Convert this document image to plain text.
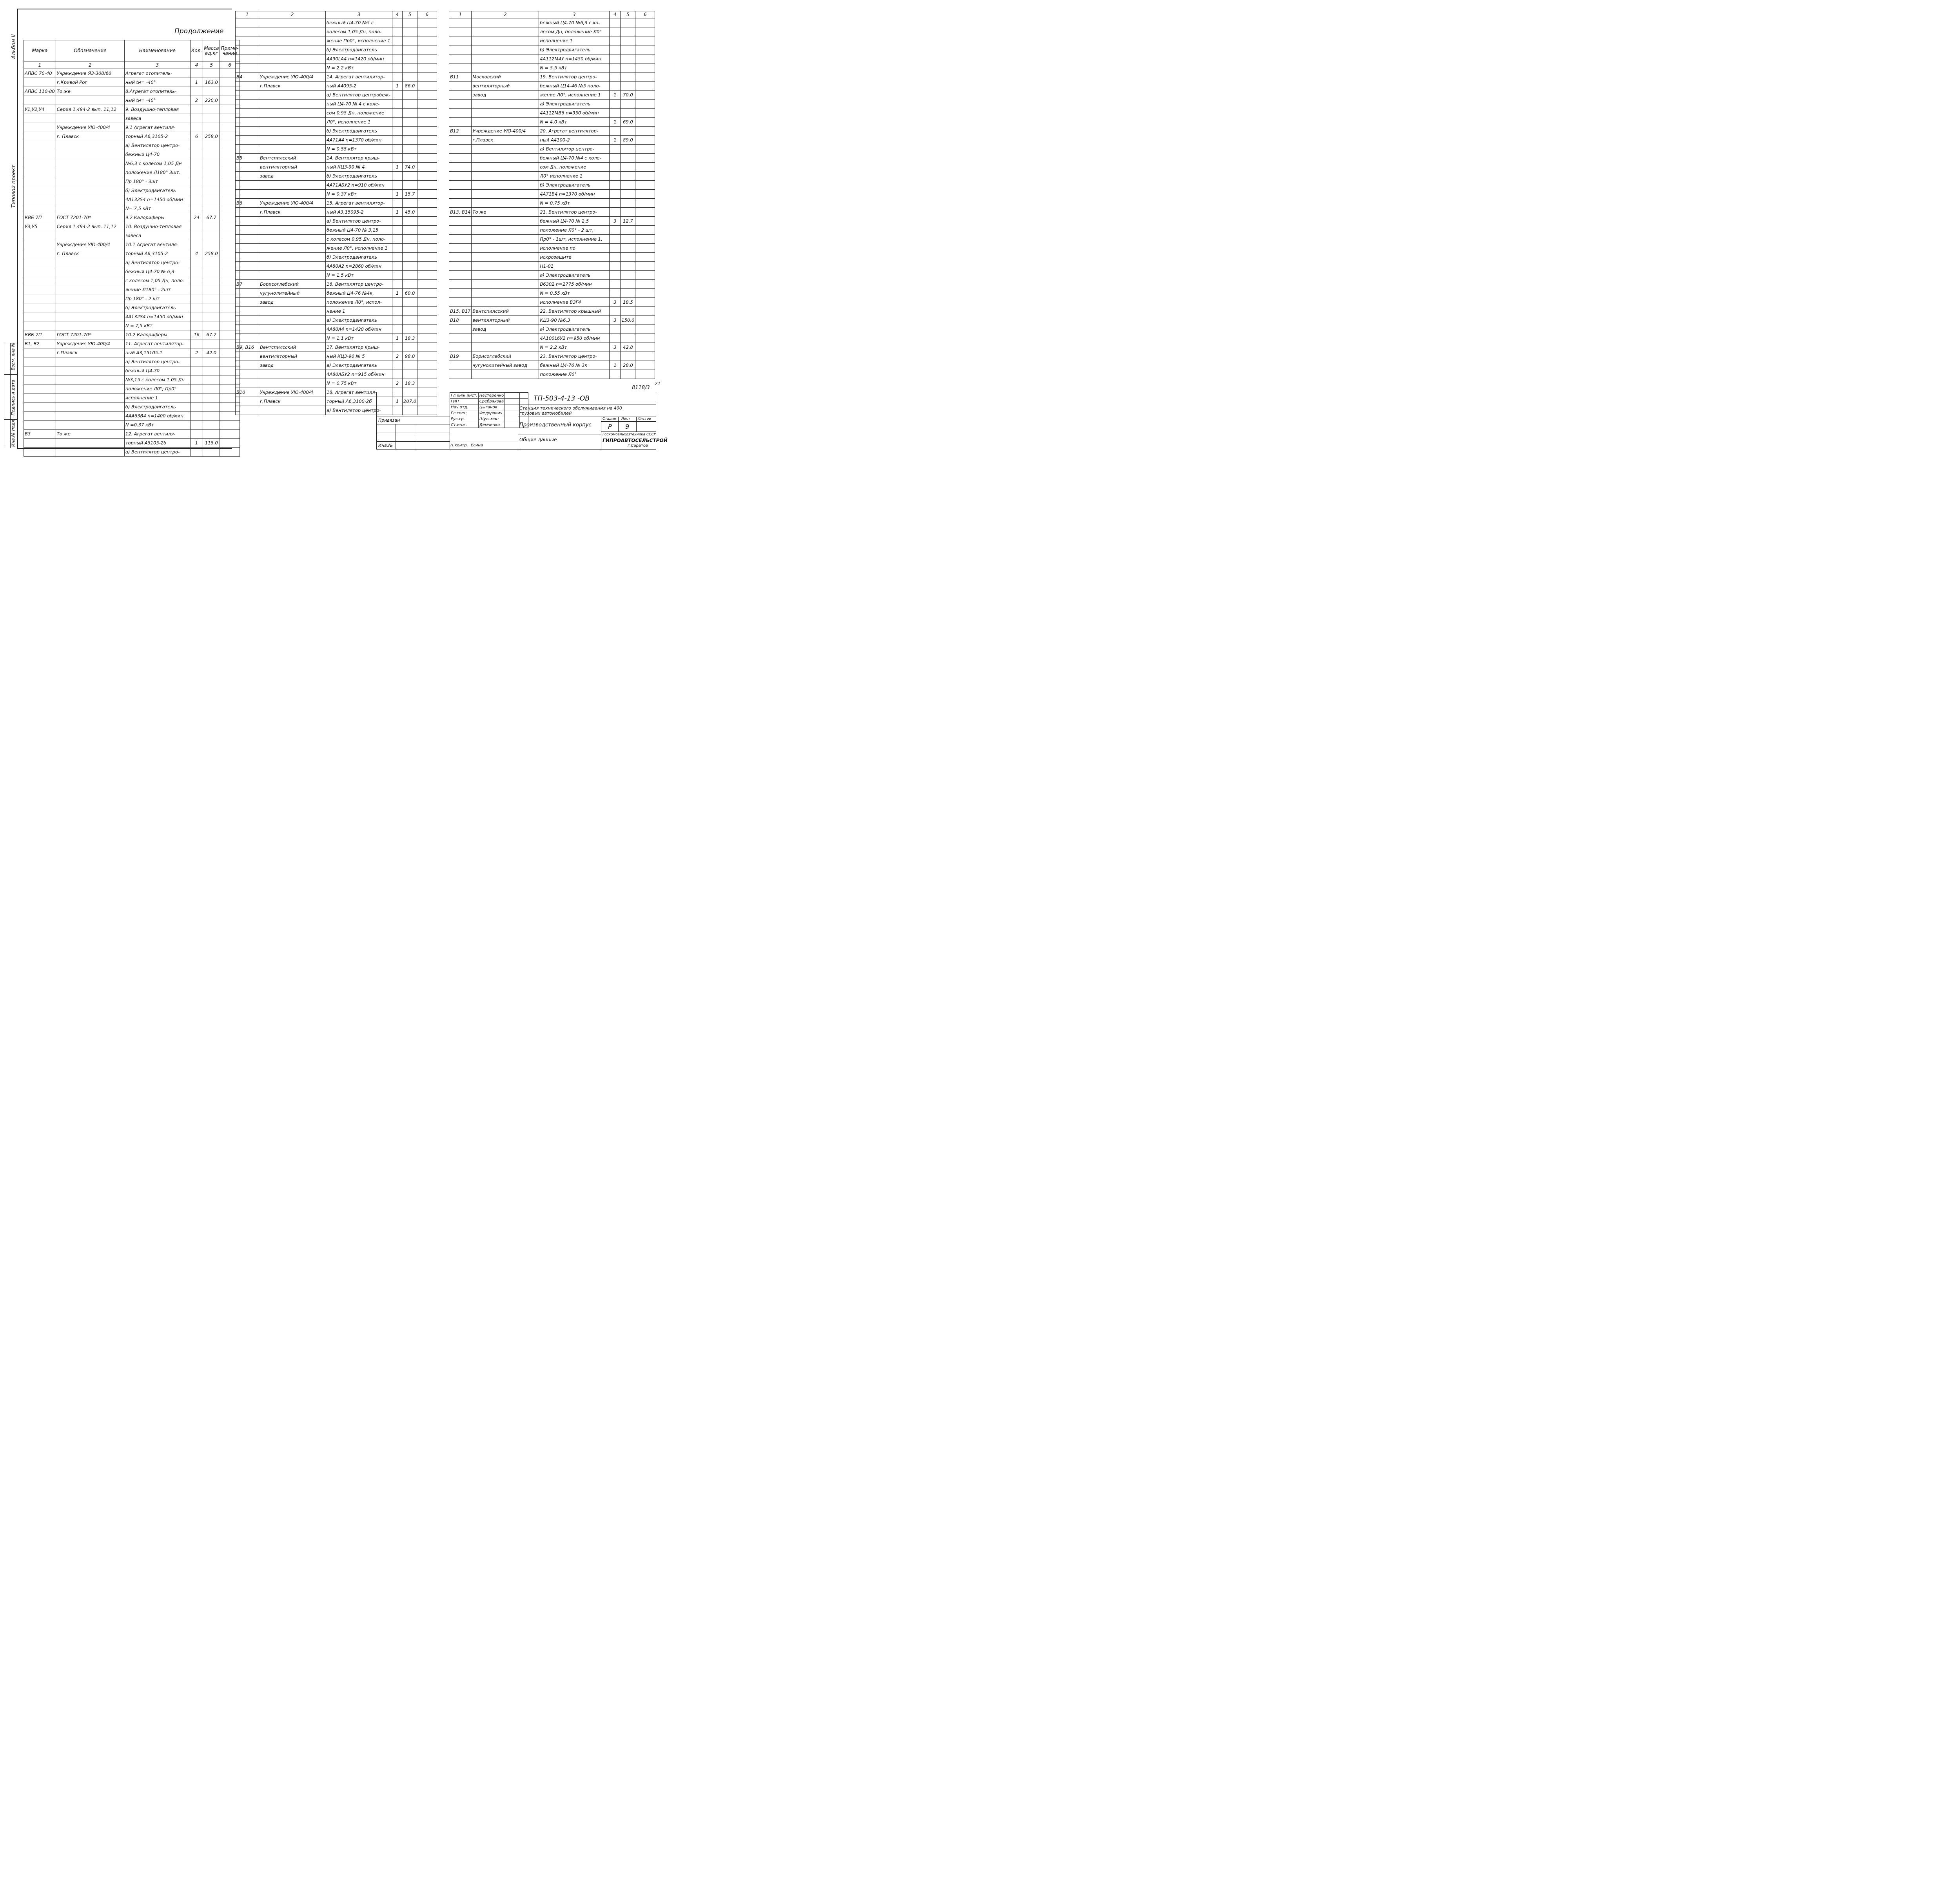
Альбом II
Типовой проект
Взам. инв №
Подпись и дата
Инв.№ подл.
Продолжение
Марка	Обозначение	Наименование	Кол.	Масса ед.кг	Приме-чание
1	2	3	4	5	6
АПВС 70-40	Учреждение ЯЗ-308/60	Агрегат отопитель-			
	г.Кривой Рог	ный tн= -40°	1	163.0	
АПВС 110-80	То же	8.Агрегат отопитель-			
		ный tн= -40°	2	220,0	
У1,У2,У4	Серия 1.494-2 вып. 11,12	9. Воздушно-тепловая			
		завеса			
	Учреждение УЮ-400/4	9.1 Агрегат вентиля-			
	г. Плавск	торный А6,3105-2	6	258,0	
		а) Вентилятор центро-			
		бежный Ц4-70			
		№6,3 с колесом 1,05 Дн			
		положение Л180° 3шт.			
		Пр 180° - 3шт			
		б) Электродвигатель			
		4А132S4 n=1450 об/мин			
		N= 7,5 кВт			
КВБ 7П	ГОСТ 7201-70*	9.2 Калориферы	24	67.7	
У3,У5	Серия 1.494-2 вып. 11,12	10. Воздушно-тепловая			
		завеса			
	Учреждение УЮ-400/4	10.1 Агрегат вентиля-			
	г. Плавск	торный А6,3105-2	4	258.0	
		а) Вентилятор центро-			
		бежный Ц4-70 № 6,3			
		с колесом 1,05 Дн, поло-			
		жение Л180° - 2шт			
		Пр 180° - 2 шт			
		б) Электродвигатель			
		4А132S4 n=1450 об/мин			
		N = 7,5 кВт			
КВБ 7П	ГОСТ 7201-70*	10.2 Калориферы	16	67.7	
В1, В2	Учреждение УЮ-400/4	11. Агрегат вентилятор-			
	г.Плавск	ный А3,15105-1	2	42.0	
		а) Вентилятор центро-			
		бежный Ц4-70			
		№3,15 с колесом 1,05 Дн			
		положение Л0°; Пр0°			
		исполнение 1			
		б) Электродвигатель			
		4АА63В4 n=1400 об/мин			
		N =0.37 кВт			
В3	То же	12. Агрегат вентиля-			
		торный А5105-2б	1	115.0	
		а) Вентилятор центро-			
1	2	3	4	5	6
		бежный Ц4-70 №5 с			
		колесом 1,05 Дн, поло-			
		жение Пр0°, исполнение 1			
		б) Электродвигатель			
		4А90LА4 n=1420 об/мин			
		N = 2.2 кВт			
В4	Учреждение УЮ-400/4	14. Агрегат вентилятор-			
	г.Плавск	ный А4095-2	1	86.0	
		а) Вентилятор центробеж-			
		ный Ц4-70 № 4 с коле-			
		сом 0,95 Дн, положение			
		Л0°, исполнение 1			
		б) Электродвигатель			
		4А71А4 n=1370 об/мин			
		N = 0.55 кВт			
В5	Вентспилсский	14. Вентилятор крыш-			
	вентиляторный	ный КЦ3-90 № 4	1	74.0	
	завод	б) Электродвигатель			
		4А71АБУ2 n=910 об/мин			
		N = 0.37 кВт	1	15.7	
В6	Учреждение УЮ-400/4	15. Агрегат вентилятор-			
	г.Плавск	ный А3,15095-2	1	45.0	
		а) Вентилятор центро-			
		бежный Ц4-70 № 3,15			
		с колесом 0,95 Дн, поло-			
		жение Л0°, исполнение 1			
		б) Электродвигатель			
		4А80А2 n=2860 об/мин			
		N = 1.5 кВт			
В7	Борисоглебский	16. Вентилятор центро-			
	чугунолитейный	бежный Ц4-76 №4к,	1	60.0	
	завод	положение Л0°, испол-			
		нение 1			
		а) Электродвигатель			
		4А80А4 n=1420 об/мин			
		N = 1.1 кВт	1	18.3	
В9, В16	Вентспилсский	17. Вентилятор крыш-			
	вентиляторный	ный КЦ3-90 № 5	2	98.0	
	завод	а) Электродвигатель			
		4А80АБУ2 n=915 об/мин			
		N = 0.75 кВт	2	18.3	
В10	Учреждение УЮ-400/4	18. Агрегат вентиля-			
	г.Плавск	торный А6,3100-2б	1	207.0	
		а) Вентилятор центро-			
1	2	3	4	5	6
		бежный Ц4-70 №6,3 с ко-			
		лесом Дн, положение Л0°			
		исполнение 1			
		б) Электродвигатель			
		4А112М4У n=1450 об/мин			
		N = 5.5 кВт			
В11	Московский	19. Вентилятор центро-			
	вентиляторный	бежный Ц14-46 №5 поло-			
	завод	жение Л0°, исполнение 1	1	70.0	
		а) Электродвигатель			
		4А112МВ6 n=950 об/мин			
		N = 4.0 кВт	1	69.0	
В12	Учреждение УЮ-400/4	20. Агрегат вентилятор-			
	г.Плавск	ный А4100-2	1	89.0	
		а) Вентилятор центро-			
		бежный Ц4-70 №4 с коле-			
		сом Дн, положение			
		Л0° исполнение 1			
		б) Электродвигатель			
		4А71В4 n=1370 об/мин			
		N = 0.75 кВт			
В13, В14	То же	21. Вентилятор центро-			
		бежный Ц4-70 № 2,5	3	12.7	
		положение Л0° - 2 шт,			
		Пр0° - 1шт, исполнение 1,			
		исполнение по			
		искрозащите			
		Н1-01			
		а) Электродвигатель			
		В6302 n=2775 об/мин			
		N = 0.55 кВт			
		исполнение ВЗГ4	3	18.5	
В15, В17	Вентспилсский	22. Вентилятор крышный			
В18	вентиляторный	КЦ3-90 №6,3	3	150.0	
	завод	а) Электродвигатель			
		4А100L6У2 n=950 об/мин			
		N = 2.2 кВт	3	42.8	
В19	Борисоглебский	23. Вентилятор центро-			
	чугунолитейный завод	бежный Ц4-76 № 3к	1	28.0	
		положение Л0°			
8118/3
21
Гл.инж.инст.	Нестеренко		
ГИП	Сребрякова		
Нач.отд.	Цыганок		
Гл.спец.	Федорович		
Рук.гр.	Шульман		
Ст.инж.	Демченко		
Привязан
Инв.№	Н.контр. Есина
ТП-503-4-13 -ОВ
Станция технического обслуживания на 400 грузовых автомобилей
Производственный корпус.
Стадия Лист Листов
Р 9
Общие данные
Госкомсельхозтехника СССР
ГИПРОАВТОСЕЛЬСТРОЙ
г.Саратов
